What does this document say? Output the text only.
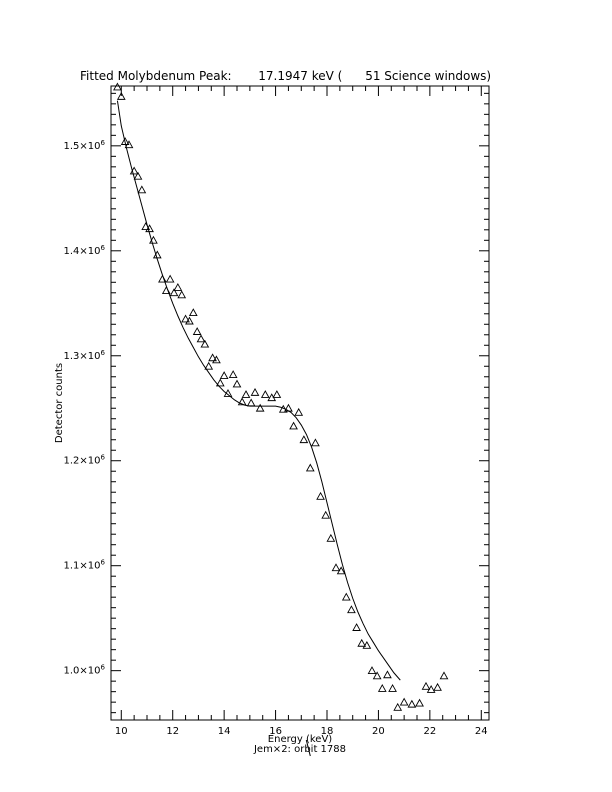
Fitted Molybdenum Peak:       17.1947 keV (      51 Science windows)
10	12	14	16	18	20	22	24
$1.0\times 10^6$
$1.1\times 10^6$
$1.2\times 10^6$
$1.3\times 10^6$
$1.4\times 10^6$
$1.5\times 10^6$
Energy (keV)
Jem×2: orbit 1788
Detector counts
